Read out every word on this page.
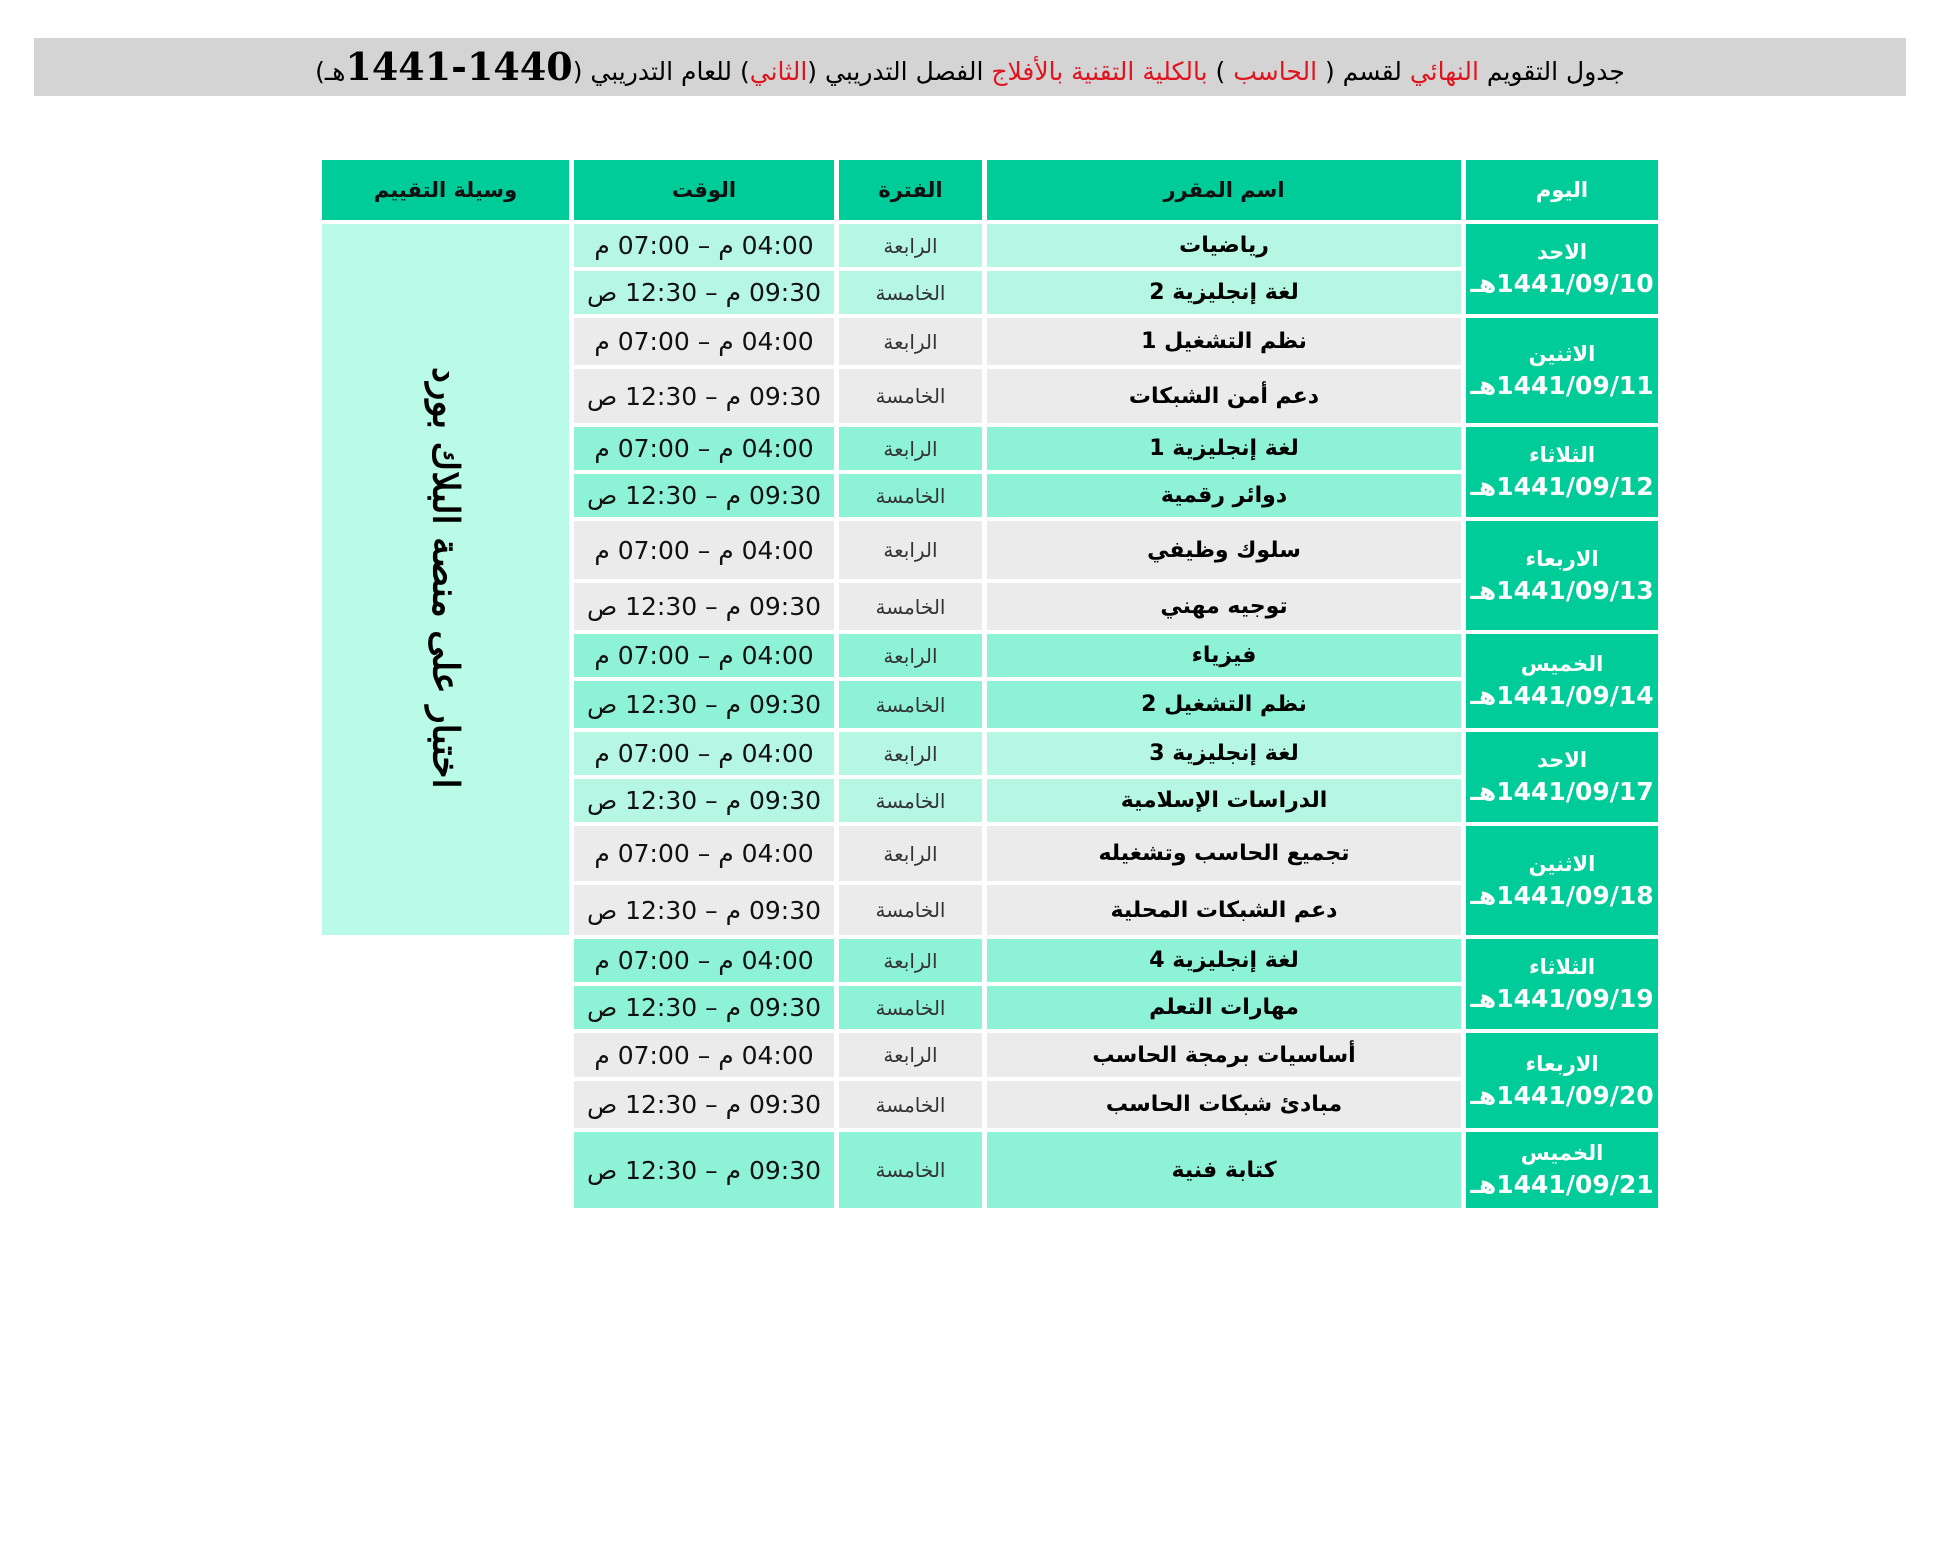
جدول التقويم النهائي لقسم ( الحاسب ) بالكلية التقنية بالأفلاج الفصل التدريبي (الثاني) للعام التدريبي (1440-1441هـ)
اليوم	اسم المقرر	الفترة	الوقت	وسيلة التقييم	

الاحد
1441/09/10هـ	رياضيات	الرابعة	04:00 م – 07:00 م	اختبار على منصة البلاك بورد	
	لغة إنجليزية 2	الخامسة	09:30 م – 12:30 ص		

الاثنين
1441/09/11هـ	نظم التشغيل 1	الرابعة	04:00 م – 07:00 م		
	دعم أمن الشبكات	الخامسة	09:30 م – 12:30 ص		

الثلاثاء
1441/09/12هـ	لغة إنجليزية 1	الرابعة	04:00 م – 07:00 م		
	دوائر رقمية	الخامسة	09:30 م – 12:30 ص		

الاربعاء
1441/09/13هـ	سلوك وظيفي	الرابعة	04:00 م – 07:00 م		
	توجيه مهني	الخامسة	09:30 م – 12:30 ص		

الخميس
1441/09/14هـ	فيزياء	الرابعة	04:00 م – 07:00 م		
	نظم التشغيل 2	الخامسة	09:30 م – 12:30 ص		

الاحد
1441/09/17هـ	لغة إنجليزية 3	الرابعة	04:00 م – 07:00 م	
	الدراسات الإسلامية	الخامسة	09:30 م – 12:30 ص		

الاثنين
1441/09/18هـ	تجميع الحاسب وتشغيله	الرابعة	04:00 م – 07:00 م		
	دعم الشبكات المحلية	الخامسة	09:30 م – 12:30 ص		

الثلاثاء
1441/09/19هـ	لغة إنجليزية 4	الرابعة	04:00 م – 07:00 م		
	مهارات التعلم	الخامسة	09:30 م – 12:30 ص		

الاربعاء
1441/09/20هـ	أساسيات برمجة الحاسب	الرابعة	04:00 م – 07:00 م		
	مبادئ شبكات الحاسب	الخامسة	09:30 م – 12:30 ص		

الخميس
1441/09/21هـ	كتابة فنية	الخامسة	09:30 م – 12:30 ص		
